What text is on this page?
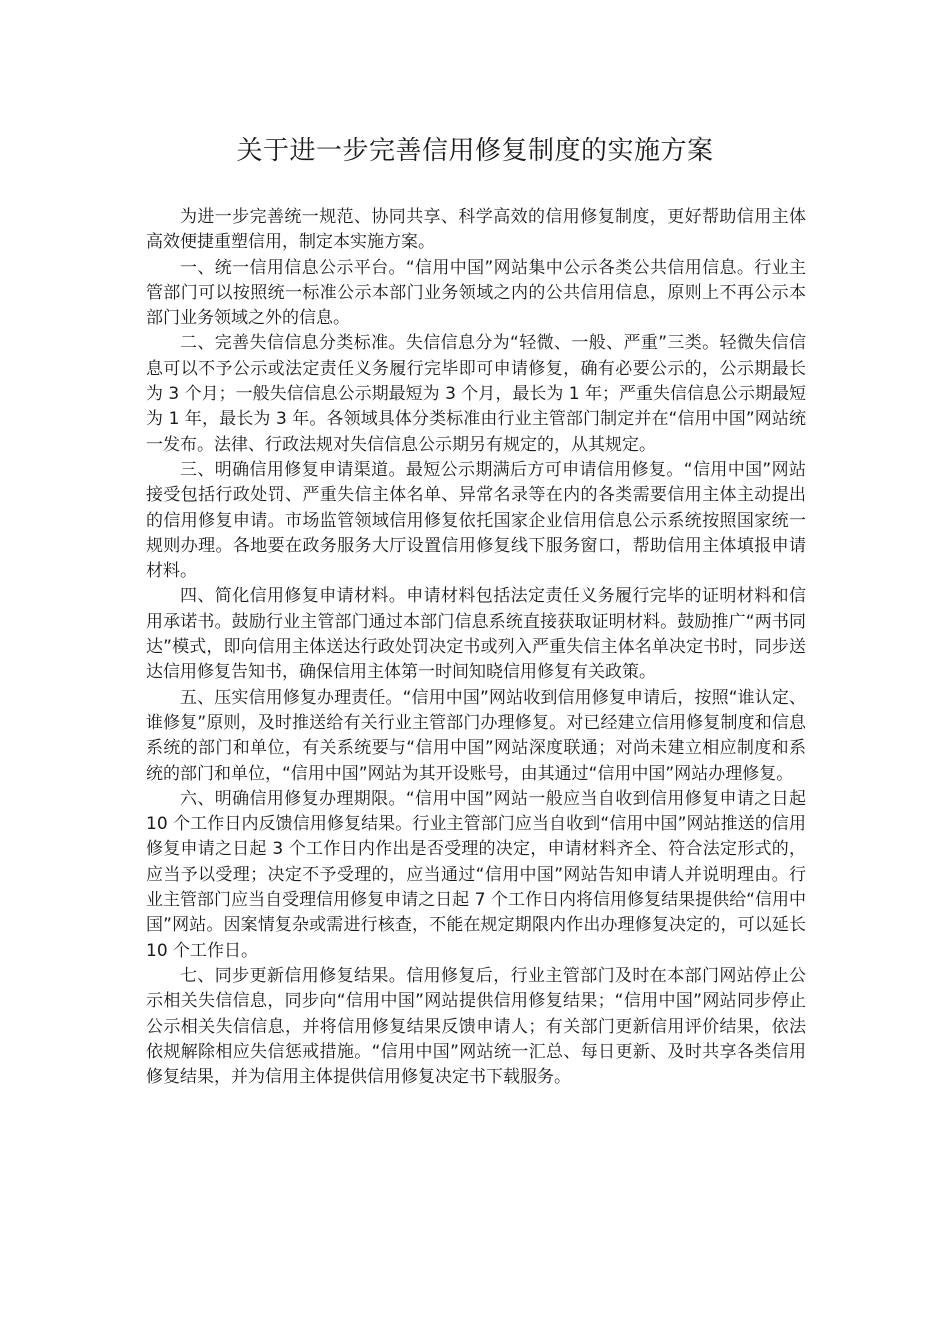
关于进一步完善信用修复制度的实施方案

为进一步完善统一规范、协同共享、科学高效的信用修复制度，更好帮助信用主体高效便捷重塑信用，制定本实施方案。

一、统一信用信息公示平台。“信用中国”网站集中公示各类公共信用信息。行业主管部门可以按照统一标准公示本部门业务领域之内的公共信用信息，原则上不再公示本部门业务领域之外的信息。

二、完善失信信息分类标准。失信信息分为“轻微、一般、严重”三类。轻微失信信息可以不予公示或法定责任义务履行完毕即可申请修复，确有必要公示的，公示期最长为 3 个月；一般失信信息公示期最短为 3 个月，最长为 1 年；严重失信信息公示期最短为 1 年，最长为 3 年。各领域具体分类标准由行业主管部门制定并在“信用中国”网站统一发布。法律、行政法规对失信信息公示期另有规定的，从其规定。

三、明确信用修复申请渠道。最短公示期满后方可申请信用修复。“信用中国”网站接受包括行政处罚、严重失信主体名单、异常名录等在内的各类需要信用主体主动提出的信用修复申请。市场监管领域信用修复依托国家企业信用信息公示系统按照国家统一规则办理。各地要在政务服务大厅设置信用修复线下服务窗口，帮助信用主体填报申请材料。

四、简化信用修复申请材料。申请材料包括法定责任义务履行完毕的证明材料和信用承诺书。鼓励行业主管部门通过本部门信息系统直接获取证明材料。鼓励推广“两书同达”模式，即向信用主体送达行政处罚决定书或列入严重失信主体名单决定书时，同步送达信用修复告知书，确保信用主体第一时间知晓信用修复有关政策。

五、压实信用修复办理责任。“信用中国”网站收到信用修复申请后，按照“谁认定、谁修复”原则，及时推送给有关行业主管部门办理修复。对已经建立信用修复制度和信息系统的部门和单位，有关系统要与“信用中国”网站深度联通；对尚未建立相应制度和系统的部门和单位，“信用中国”网站为其开设账号，由其通过“信用中国”网站办理修复。

六、明确信用修复办理期限。“信用中国”网站一般应当自收到信用修复申请之日起 10 个工作日内反馈信用修复结果。行业主管部门应当自收到“信用中国”网站推送的信用修复申请之日起 3 个工作日内作出是否受理的决定，申请材料齐全、符合法定形式的，应当予以受理；决定不予受理的，应当通过“信用中国”网站告知申请人并说明理由。行业主管部门应当自受理信用修复申请之日起 7 个工作日内将信用修复结果提供给“信用中国”网站。因案情复杂或需进行核查，不能在规定期限内作出办理修复决定的，可以延长 10 个工作日。

七、同步更新信用修复结果。信用修复后，行业主管部门及时在本部门网站停止公示相关失信信息，同步向“信用中国”网站提供信用修复结果；“信用中国”网站同步停止公示相关失信信息，并将信用修复结果反馈申请人；有关部门更新信用评价结果，依法依规解除相应失信惩戒措施。“信用中国”网站统一汇总、每日更新、及时共享各类信用修复结果，并为信用主体提供信用修复决定书下载服务。
